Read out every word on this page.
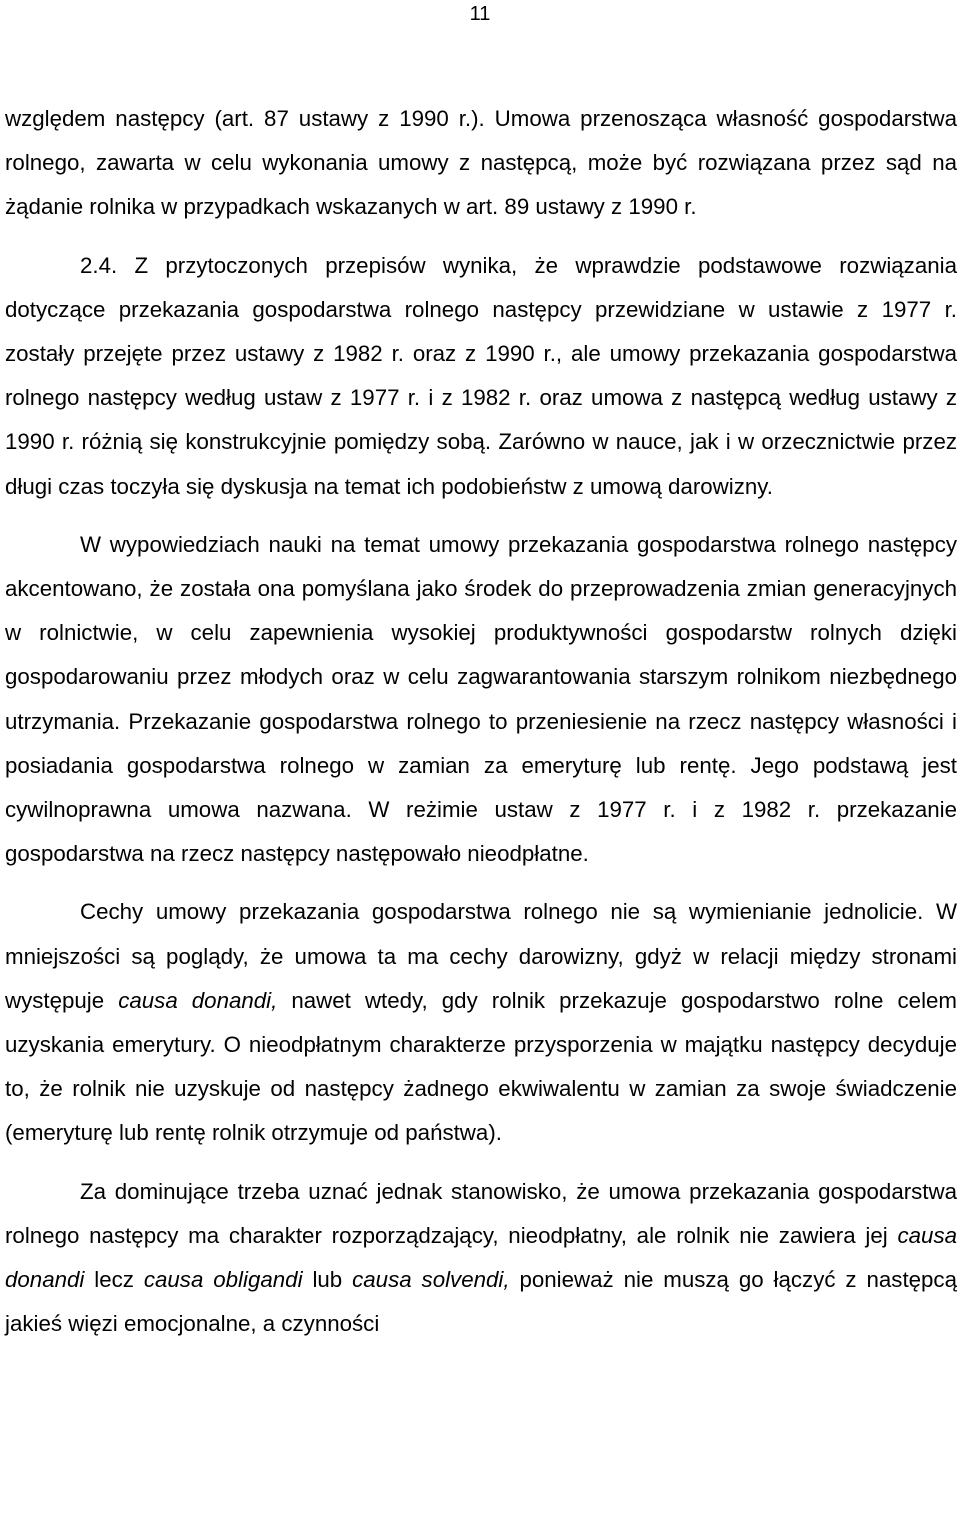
11

względem następcy (art. 87 ustawy z 1990 r.). Umowa przenosząca własność gospodarstwa rolnego, zawarta w celu wykonania umowy z następcą, może być rozwiązana przez sąd na żądanie rolnika w przypadkach wskazanych w art. 89 ustawy z 1990 r.

2.4. Z przytoczonych przepisów wynika, że wprawdzie podstawowe rozwiązania dotyczące przekazania gospodarstwa rolnego następcy przewidziane w ustawie z 1977 r. zostały przejęte przez ustawy z 1982 r. oraz z 1990 r., ale umowy przekazania gospodarstwa rolnego następcy według ustaw z 1977 r. i z 1982 r. oraz umowa z następcą według ustawy z 1990 r. różnią się konstrukcyjnie pomiędzy sobą. Zarówno w nauce, jak i w orzecznictwie przez długi czas toczyła się dyskusja na temat ich podobieństw z umową darowizny.

W wypowiedziach nauki na temat umowy przekazania gospodarstwa rolnego następcy akcentowano, że została ona pomyślana jako środek do przeprowadzenia zmian generacyjnych w rolnictwie, w celu zapewnienia wysokiej produktywności gospodarstw rolnych dzięki gospodarowaniu przez młodych oraz w celu zagwarantowania starszym rolnikom niezbędnego utrzymania. Przekazanie gospodarstwa rolnego to przeniesienie na rzecz następcy własności i posiadania gospodarstwa rolnego w zamian za emeryturę lub rentę. Jego podstawą jest cywilnoprawna umowa nazwana. W reżimie ustaw z 1977 r. i z 1982 r. przekazanie gospodarstwa na rzecz następcy następowało nieodpłatne.

Cechy umowy przekazania gospodarstwa rolnego nie są wymienianie jednolicie. W mniejszości są poglądy, że umowa ta ma cechy darowizny, gdyż w relacji między stronami występuje causa donandi, nawet wtedy, gdy rolnik przekazuje gospodarstwo rolne celem uzyskania emerytury. O nieodpłatnym charakterze przysporzenia w majątku następcy decyduje to, że rolnik nie uzyskuje od następcy żadnego ekwiwalentu w zamian za swoje świadczenie (emeryturę lub rentę rolnik otrzymuje od państwa).

Za dominujące trzeba uznać jednak stanowisko, że umowa przekazania gospodarstwa rolnego następcy ma charakter rozporządzający, nieodpłatny, ale rolnik nie zawiera jej causa donandi lecz causa obligandi lub causa solvendi, ponieważ nie muszą go łączyć z następcą jakieś więzi emocjonalne, a czynności
